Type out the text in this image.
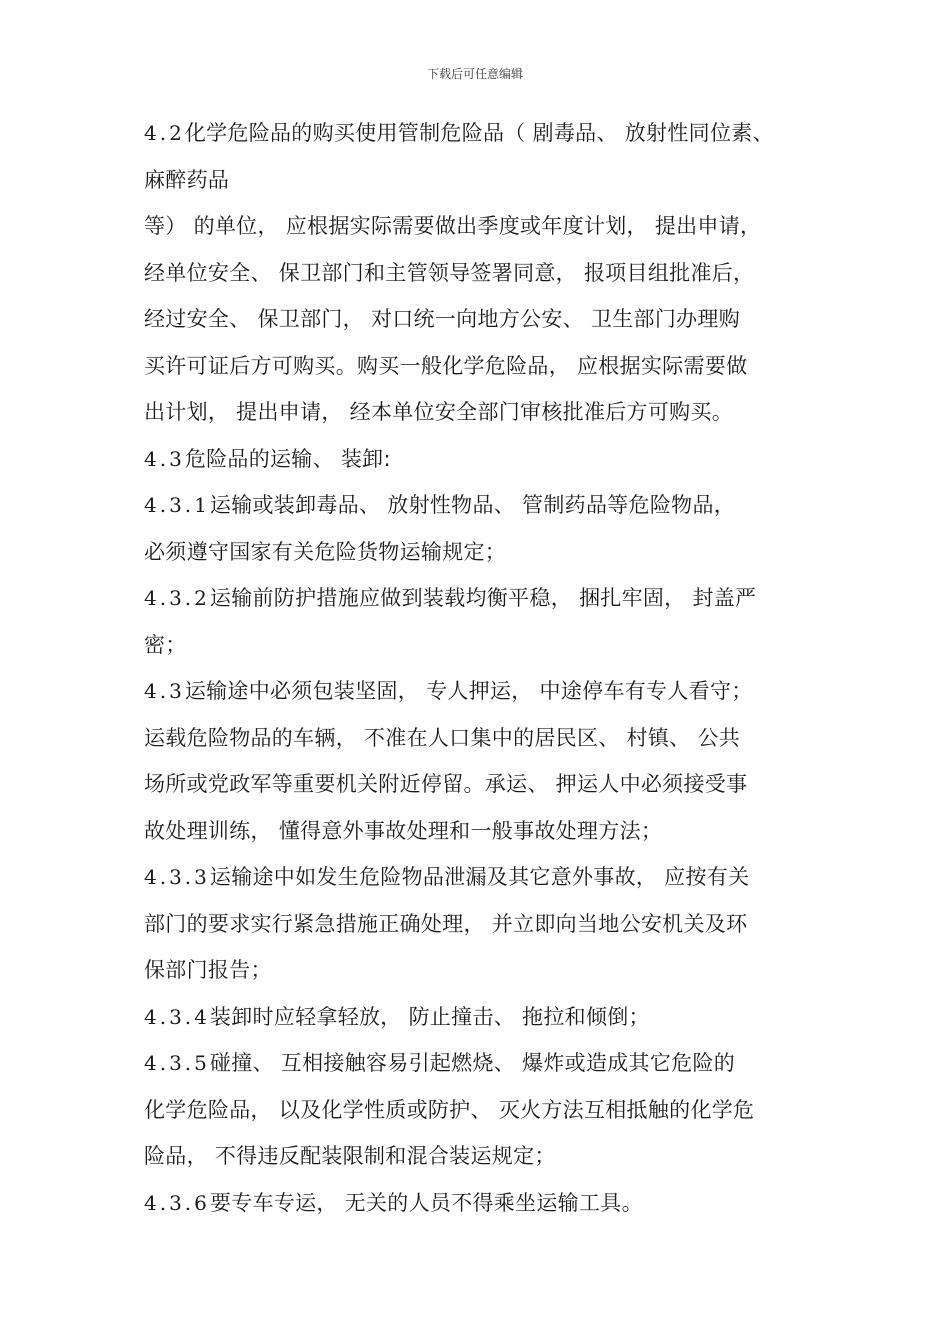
下载后可任意编辑
4.2化学危险品的购买使用管制危险品（ 剧毒品、 放射性同位素、
麻醉药品
等） 的单位， 应根据实际需要做出季度或年度计划， 提出申请，
经单位安全、 保卫部门和主管领导签署同意， 报项目组批准后，
经过安全、 保卫部门， 对口统一向地方公安、 卫生部门办理购
买许可证后方可购买。购买一般化学危险品， 应根据实际需要做
出计划， 提出申请， 经本单位安全部门审核批准后方可购买。
4.3危险品的运输、 装卸:
4.3.1运输或装卸毒品、 放射性物品、 管制药品等危险物品，
必须遵守国家有关危险货物运输规定；
4.3.2运输前防护措施应做到装载均衡平稳， 捆扎牢固， 封盖严
密；
4.3运输途中必须包装坚固， 专人押运， 中途停车有专人看守；
运载危险物品的车辆， 不准在人口集中的居民区、 村镇、 公共
场所或党政军等重要机关附近停留。承运、 押运人中必须接受事
故处理训练， 懂得意外事故处理和一般事故处理方法；
4.3.3运输途中如发生危险物品泄漏及其它意外事故， 应按有关
部门的要求实行紧急措施正确处理， 并立即向当地公安机关及环
保部门报告；
4.3.4装卸时应轻拿轻放， 防止撞击、 拖拉和倾倒；
4.3.5碰撞、 互相接触容易引起燃烧、 爆炸或造成其它危险的
化学危险品， 以及化学性质或防护、 灭火方法互相抵触的化学危
险品， 不得违反配装限制和混合装运规定；
4.3.6要专车专运， 无关的人员不得乘坐运输工具。
